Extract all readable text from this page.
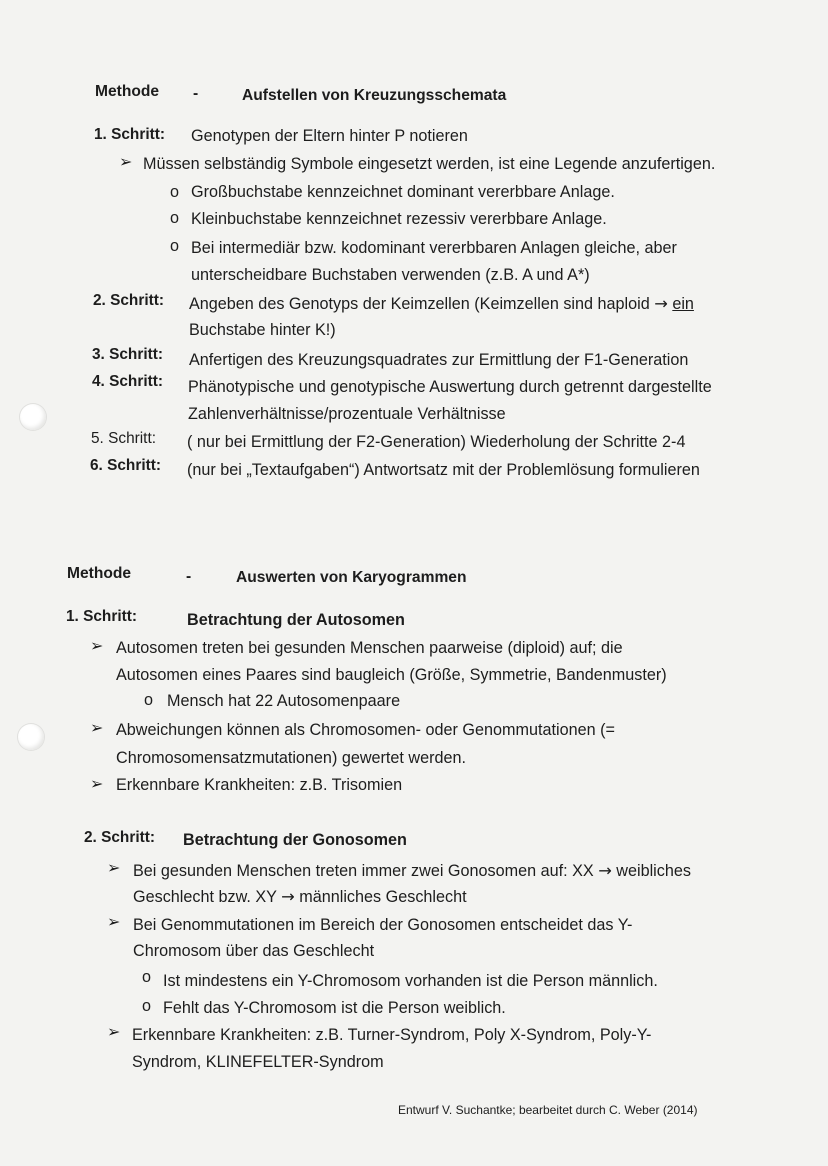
Methode -	Aufstellen von Kreuzungsschemata
1. Schritt: Genotypen der Eltern hinter P notieren
➢ Müssen selbständig Symbole eingesetzt werden, ist eine Legende anzufertigen.
o Großbuchstabe kennzeichnet dominant vererbbare Anlage.
o Kleinbuchstabe kennzeichnet rezessiv vererbbare Anlage.
o Bei intermediär bzw. kodominant vererbbaren Anlagen gleiche, aber
unterscheidbare Buchstaben verwenden (z.B. A und A*)
2. Schritt: Angeben des Genotyps der Keimzellen (Keimzellen sind haploid → ein
Buchstabe hinter K!)
3. Schritt: Anfertigen des Kreuzungsquadrates zur Ermittlung der F1-Generation
4. Schritt: Phänotypische und genotypische Auswertung durch getrennt dargestellte
Zahlenverhältnisse/prozentuale Verhältnisse
5. Schritt: ( nur bei Ermittlung der F2-Generation) Wiederholung der Schritte 2-4
6. Schritt: (nur bei „Textaufgaben“) Antwortsatz mit der Problemlösung formulieren
Methode	-	Auswerten von Karyogrammen
1. Schritt:	Betrachtung der Autosomen
➢ Autosomen treten bei gesunden Menschen paarweise (diploid) auf; die
Autosomen eines Paares sind baugleich (Größe, Symmetrie, Bandenmuster)
o Mensch hat 22 Autosomenpaare
➢ Abweichungen können als Chromosomen- oder Genommutationen (=
Chromosomensatzmutationen) gewertet werden.
➢ Erkennbare Krankheiten: z.B. Trisomien
2. Schritt: Betrachtung der Gonosomen
➢ Bei gesunden Menschen treten immer zwei Gonosomen auf: XX → weibliches
Geschlecht bzw. XY → männliches Geschlecht
➢ Bei Genommutationen im Bereich der Gonosomen entscheidet das Y-
Chromosom über das Geschlecht
o Ist mindestens ein Y-Chromosom vorhanden ist die Person männlich.
o Fehlt das Y-Chromosom ist die Person weiblich.
➢ Erkennbare Krankheiten: z.B. Turner-Syndrom, Poly X-Syndrom, Poly-Y-
Syndrom, KLINEFELTER-Syndrom
Entwurf V. Suchantke; bearbeitet durch C. Weber (2014)
